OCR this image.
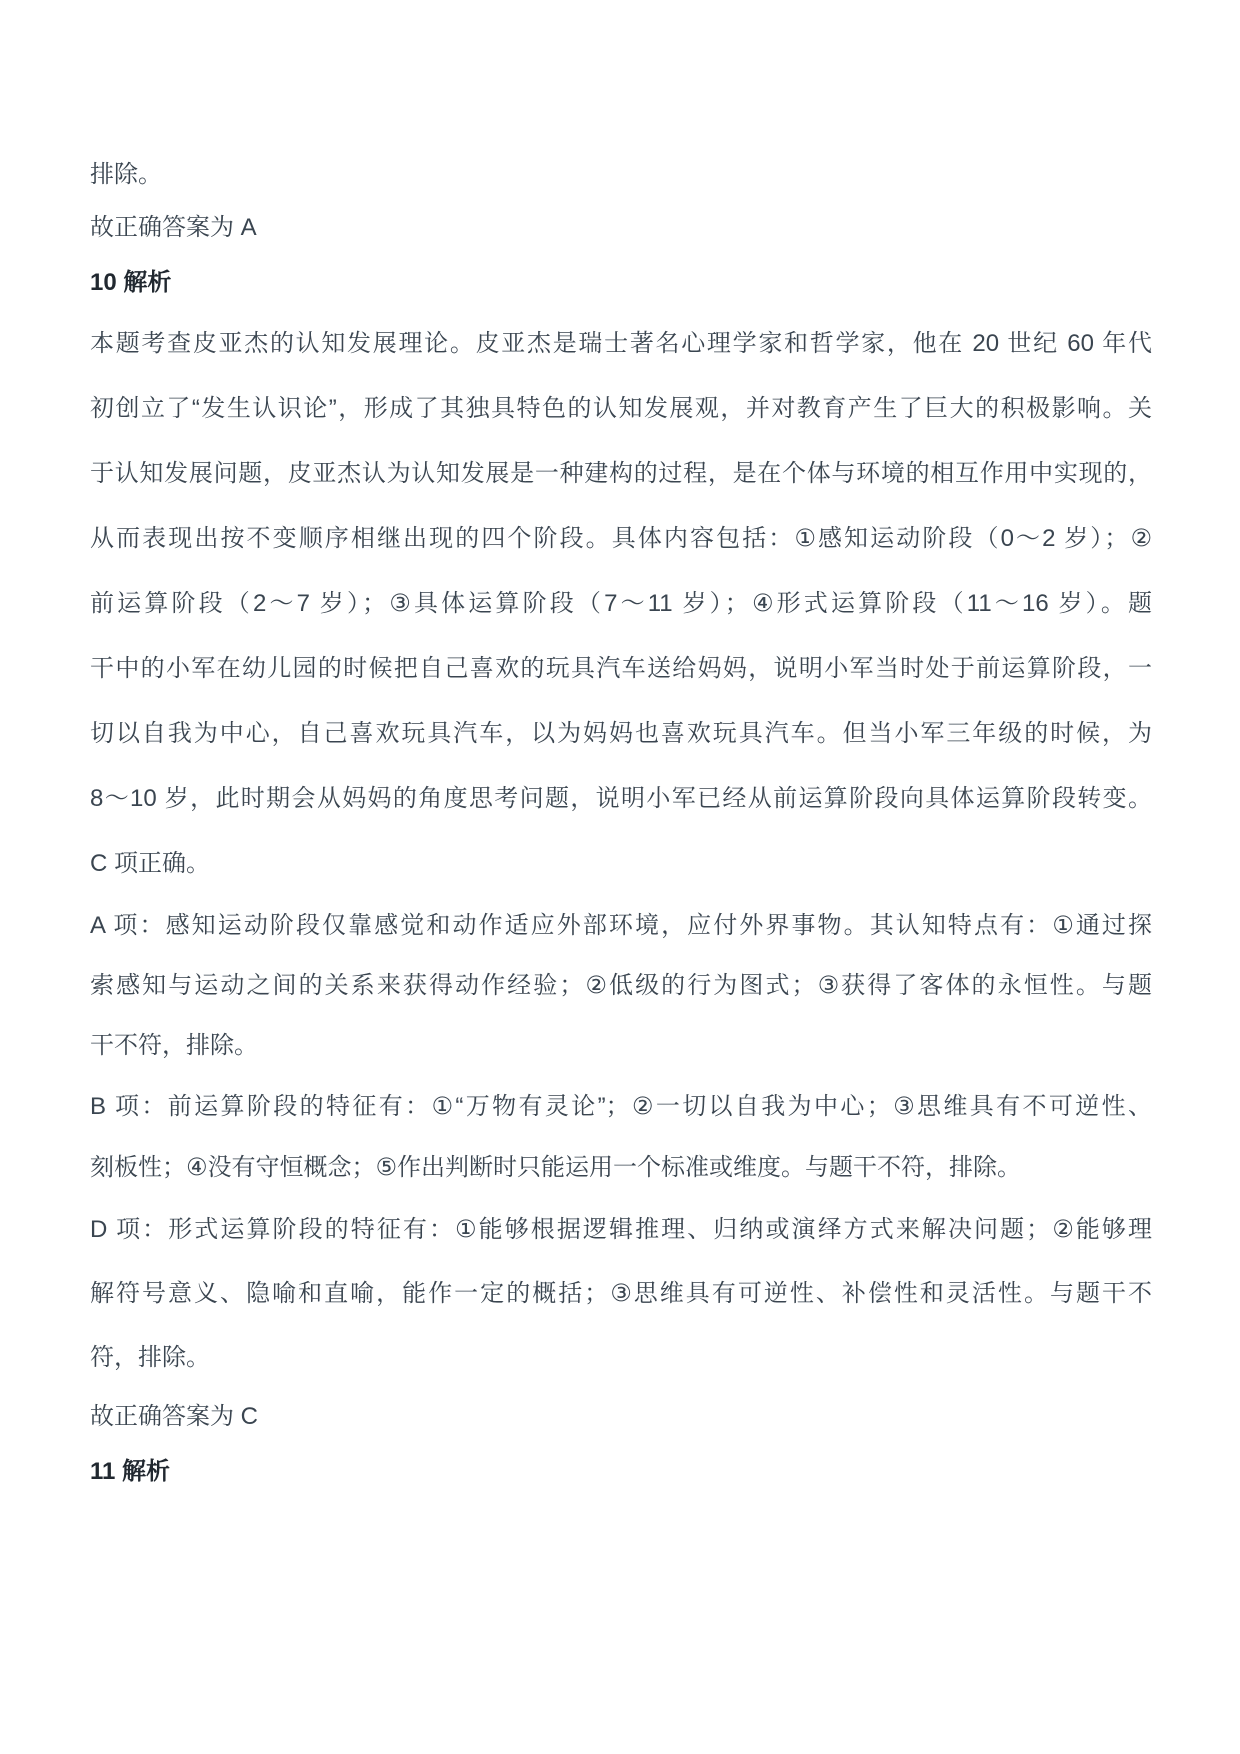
排除。
故正确答案为 A
10 解析
本题考查皮亚杰的认知发展理论。皮亚杰是瑞士著名心理学家和哲学家，他在 20 世纪 60 年代
初创立了“发生认识论”，形成了其独具特色的认知发展观，并对教育产生了巨大的积极影响。关
于认知发展问题，皮亚杰认为认知发展是一种建构的过程，是在个体与环境的相互作用中实现的，
从而表现出按不变顺序相继出现的四个阶段。具体内容包括：①感知运动阶段（0～2 岁）；②
前运算阶段（2～7 岁）；③具体运算阶段（7～11 岁）；④形式运算阶段（11～16 岁）。题
干中的小军在幼儿园的时候把自己喜欢的玩具汽车送给妈妈，说明小军当时处于前运算阶段，一
切以自我为中心，自己喜欢玩具汽车，以为妈妈也喜欢玩具汽车。但当小军三年级的时候，为
8～10 岁，此时期会从妈妈的角度思考问题，说明小军已经从前运算阶段向具体运算阶段转变。
C 项正确。
A 项：感知运动阶段仅靠感觉和动作适应外部环境，应付外界事物。其认知特点有：①通过探
索感知与运动之间的关系来获得动作经验；②低级的行为图式；③获得了客体的永恒性。与题
干不符，排除。
B 项：前运算阶段的特征有：①“万物有灵论”；②一切以自我为中心；③思维具有不可逆性、
刻板性；④没有守恒概念；⑤作出判断时只能运用一个标准或维度。与题干不符，排除。
D 项：形式运算阶段的特征有：①能够根据逻辑推理、归纳或演绎方式来解决问题；②能够理
解符号意义、隐喻和直喻，能作一定的概括；③思维具有可逆性、补偿性和灵活性。与题干不
符，排除。
故正确答案为 C
11 解析
